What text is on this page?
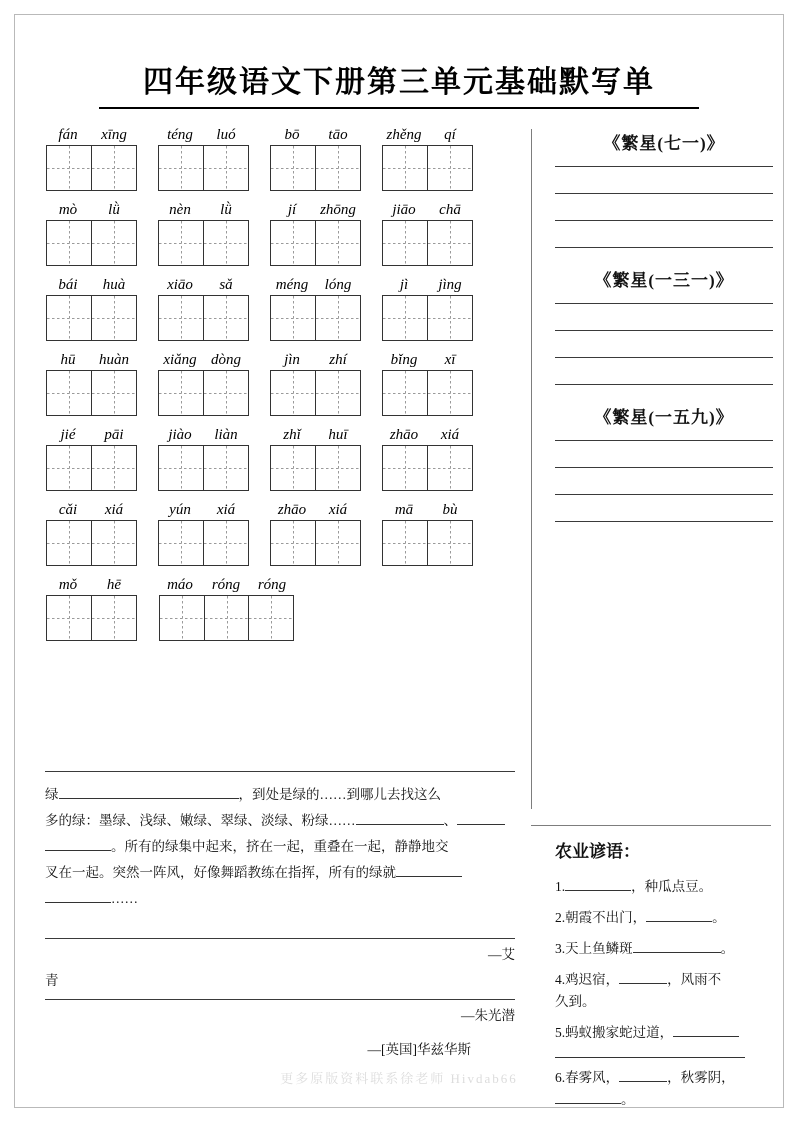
四年级语文下册第三单元基础默写单
fán	xīng	téng	luó	bō	tāo	zhěng	qí
mò	lǜ	nèn	lǜ	jí	zhōng	jiāo	chā
bái	huà	xiāo	sǎ	méng	lóng	jì	jìng
hū	huàn	xiǎng dòng	jìn	zhí	bǐng	xī
jié	pāi	jiào	liàn	zhǐ	huī	zhāo	xiá
cǎi	xiá	yún	xiá	zhāo	xiá	mā	bù
mǒ	hē	máo	róng	róng
《繁星(七一)》
《繁星(一三一)》
《繁星(一五九)》
绿	，到处是绿的……到哪儿去找这么
多的绿：墨绿、浅绿、嫩绿、翠绿、淡绿、粉绿……	、
。所有的绿集中起来，挤在一起，重叠在一起，静静地交
叉在一起。突然一阵风，好像舞蹈教练在指挥，所有的绿就
……
—艾
青
—朱光潜
—[英国]华兹华斯
农业谚语：
1.	，种瓜点豆。
2.朝霞不出门，	。
3.天上鱼鳞斑	。
4.鸡迟宿，	，风雨不
久到。
5.蚂蚁搬家蛇过道，
6.春雾风，	，秋雾阴，
。
更多原版资料联系徐老师 Hivdab66
